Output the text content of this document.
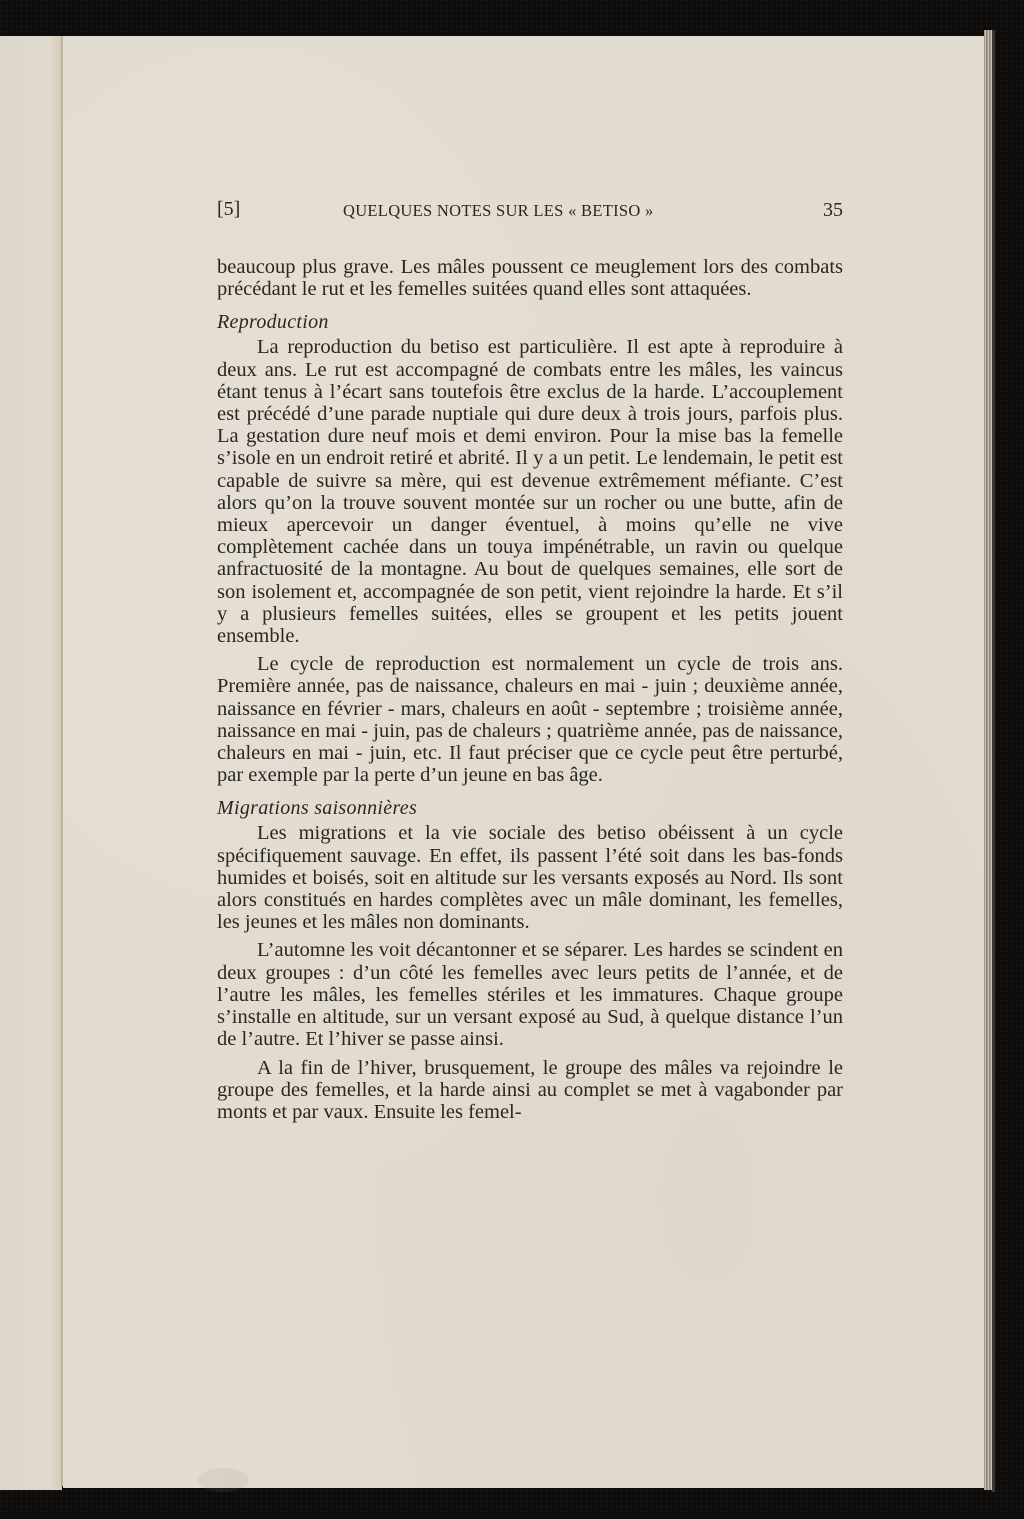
[5]	QUELQUES NOTES SUR LES « BETISO »	35

beaucoup plus grave. Les mâles poussent ce meuglement lors des combats précédant le rut et les femelles suitées quand elles sont attaquées.

Reproduction

La reproduction du betiso est particulière. Il est apte à reproduire à deux ans. Le rut est accompagné de combats entre les mâles, les vaincus étant tenus à l’écart sans toutefois être exclus de la harde. L’accouplement est précédé d’une parade nuptiale qui dure deux à trois jours, parfois plus. La gestation dure neuf mois et demi environ. Pour la mise bas la femelle s’isole en un endroit retiré et abrité. Il y a un petit. Le lendemain, le petit est capable de suivre sa mère, qui est devenue extrêmement méfiante. C’est alors qu’on la trouve souvent montée sur un rocher ou une butte, afin de mieux apercevoir un danger éventuel, à moins qu’elle ne vive complètement cachée dans un touya impénétrable, un ravin ou quelque anfractuosité de la montagne. Au bout de quelques semaines, elle sort de son isolement et, accompagnée de son petit, vient rejoindre la harde. Et s’il y a plusieurs femelles suitées, elles se groupent et les petits jouent ensemble.

Le cycle de reproduction est normalement un cycle de trois ans. Première année, pas de naissance, chaleurs en mai - juin ; deuxième année, naissance en février - mars, chaleurs en août - septembre ; troisième année, naissance en mai - juin, pas de chaleurs ; quatrième année, pas de naissance, chaleurs en mai - juin, etc. Il faut préciser que ce cycle peut être perturbé, par exemple par la perte d’un jeune en bas âge.

Migrations saisonnières

Les migrations et la vie sociale des betiso obéissent à un cycle spécifiquement sauvage. En effet, ils passent l’été soit dans les bas-fonds humides et boisés, soit en altitude sur les versants exposés au Nord. Ils sont alors constitués en hardes complètes avec un mâle dominant, les femelles, les jeunes et les mâles non dominants.

L’automne les voit décantonner et se séparer. Les hardes se scindent en deux groupes : d’un côté les femelles avec leurs petits de l’année, et de l’autre les mâles, les femelles stériles et les immatures. Chaque groupe s’installe en altitude, sur un versant exposé au Sud, à quelque distance l’un de l’autre. Et l’hiver se passe ainsi.

A la fin de l’hiver, brusquement, le groupe des mâles va rejoindre le groupe des femelles, et la harde ainsi au complet se met à vagabonder par monts et par vaux. Ensuite les femel-
